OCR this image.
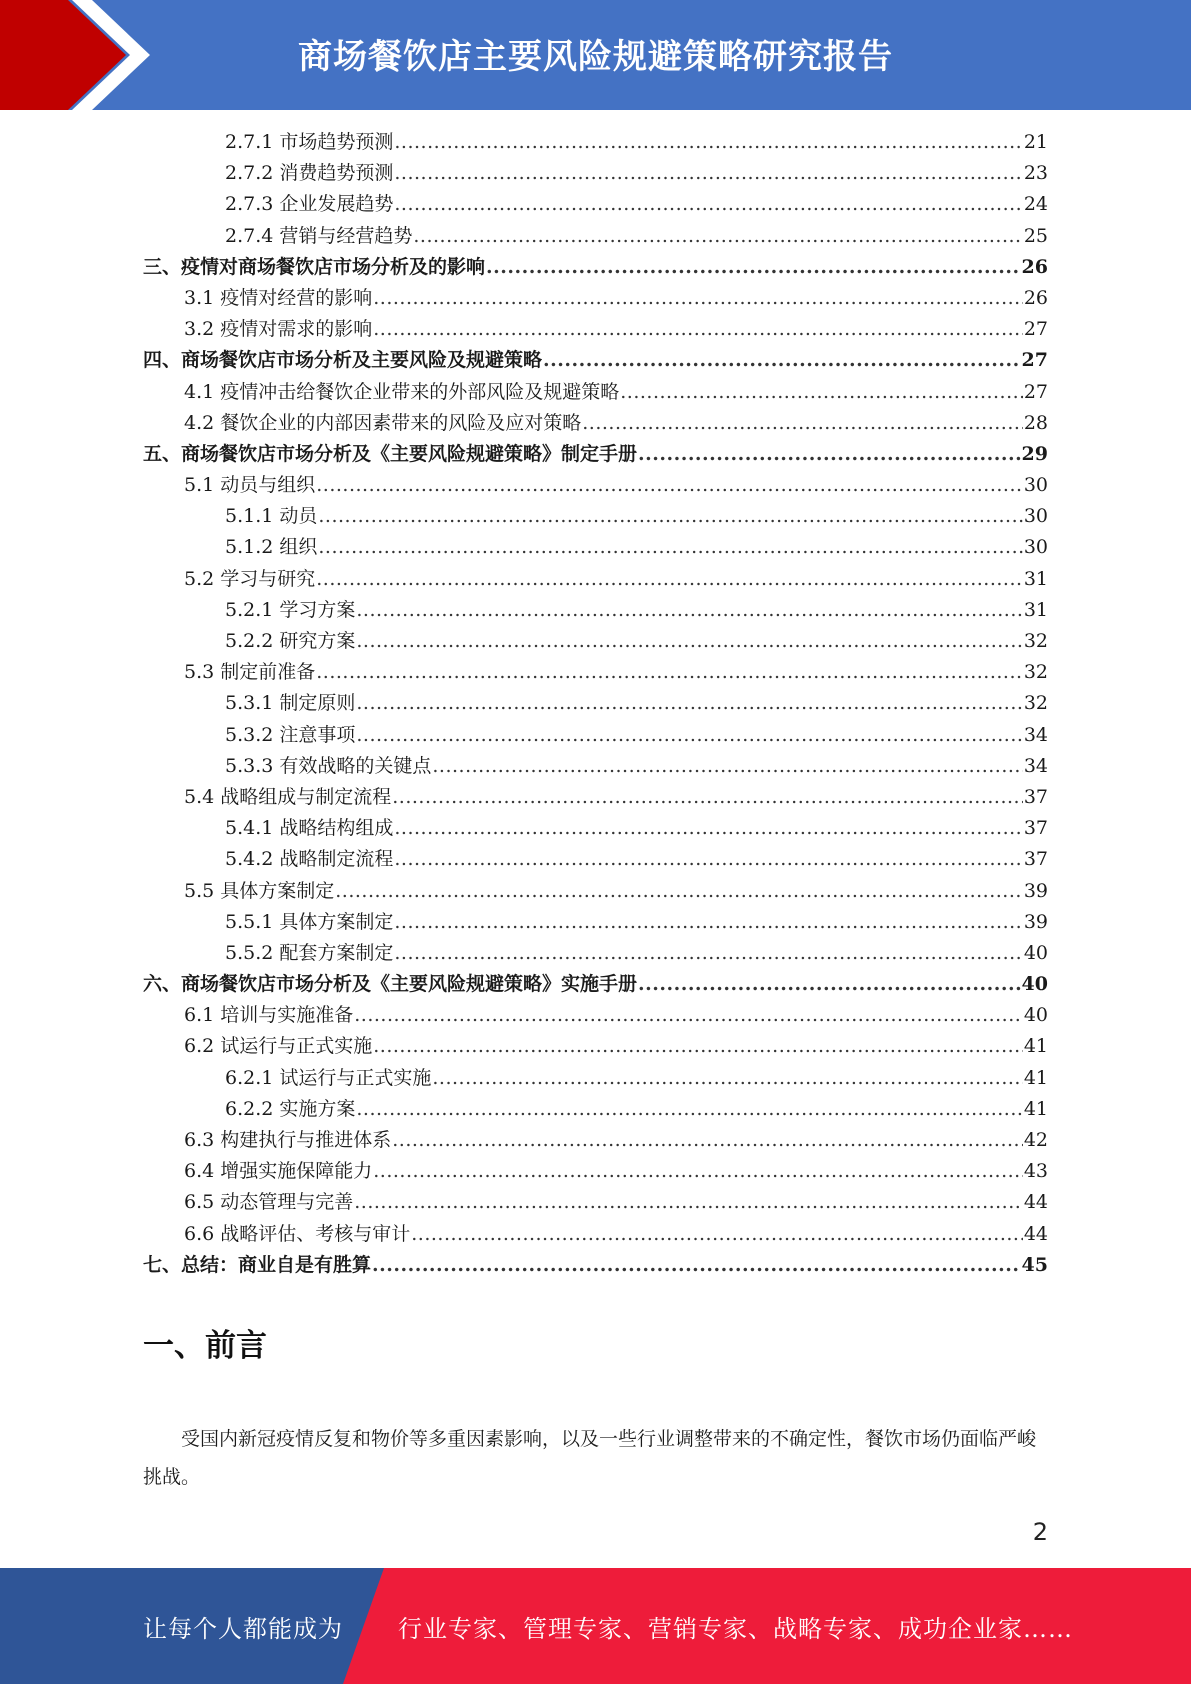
商场餐饮店主要风险规避策略研究报告
2.7.1 市场趋势预测 .....	21
2.7.2 消费趋势预测 .....	23
2.7.3 企业发展趋势 .....	24
2.7.4 营销与经营趋势 .....	25
三、疫情对商场餐饮店市场分析及的影响 .....	26
3.1 疫情对经营的影响 .....	26
3.2 疫情对需求的影响 .....	27
四、商场餐饮店市场分析及主要风险及规避策略 .....	27
4.1 疫情冲击给餐饮企业带来的外部风险及规避策略 .....	27
4.2 餐饮企业的内部因素带来的风险及应对策略 .....	28
五、商场餐饮店市场分析及《主要风险规避策略》制定手册 .....	29
5.1 动员与组织 .....	30
5.1.1 动员 .....	30
5.1.2 组织 .....	30
5.2 学习与研究 .....	31
5.2.1 学习方案 .....	31
5.2.2 研究方案 .....	32
5.3 制定前准备 .....	32
5.3.1 制定原则 .....	32
5.3.2 注意事项 .....	34
5.3.3 有效战略的关键点 .....	34
5.4 战略组成与制定流程 .....	37
5.4.1 战略结构组成 .....	37
5.4.2 战略制定流程 .....	37
5.5 具体方案制定 .....	39
5.5.1 具体方案制定 .....	39
5.5.2 配套方案制定 .....	40
六、商场餐饮店市场分析及《主要风险规避策略》实施手册 .....	40
6.1 培训与实施准备 .....	40
6.2 试运行与正式实施 .....	41
6.2.1 试运行与正式实施 .....	41
6.2.2 实施方案 .....	41
6.3 构建执行与推进体系 .....	42
6.4 增强实施保障能力 .....	43
6.5 动态管理与完善 .....	44
6.6 战略评估、考核与审计 .....	44
七、总结：商业自是有胜算 .....	45
一、前言

受国内新冠疫情反复和物价等多重因素影响，以及一些行业调整带来的不确定性，餐饮市场仍面临严峻挑战。

2
让每个人都能成为 行业专家、管理专家、营销专家、战略专家、成功企业家……
